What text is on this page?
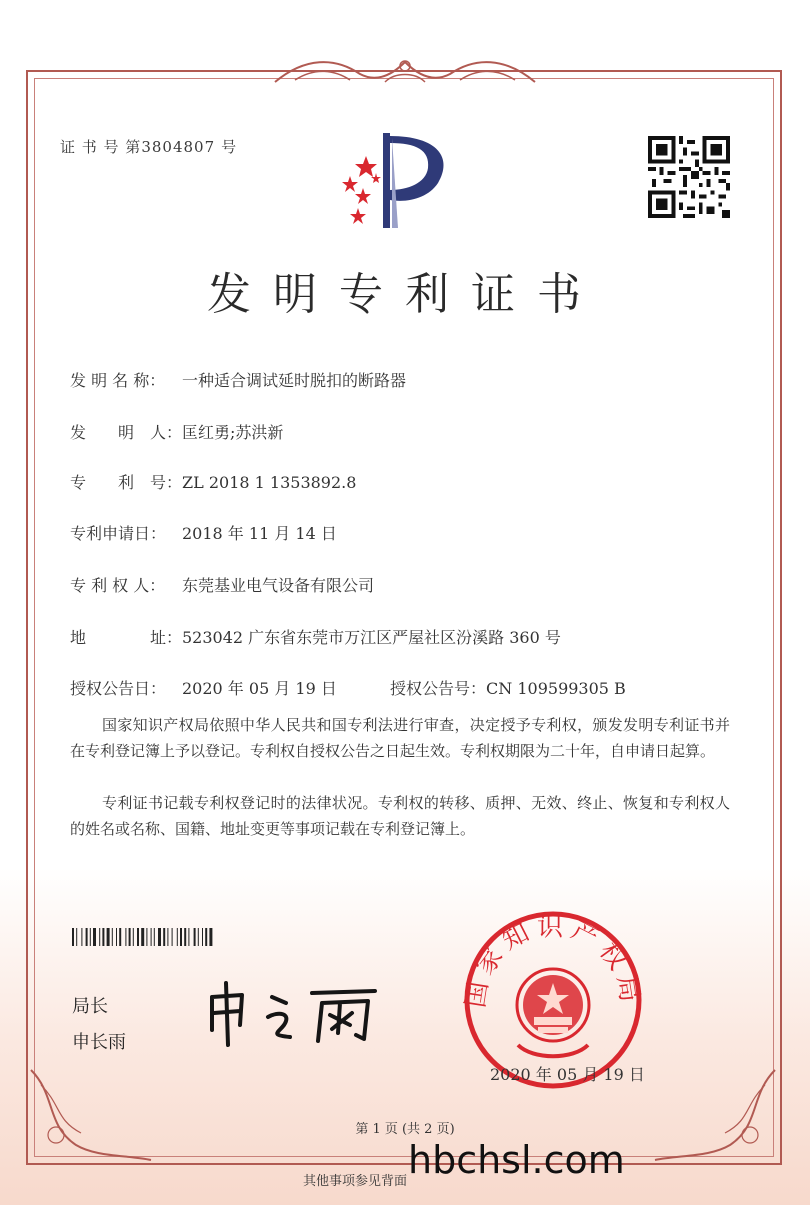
证 书 号 第3804807 号
发明专利证书
发 明 名 称： 一种适合调试延时脱扣的断路器
发　　明　人：匡红勇;苏洪新
专　　利　号：ZL 2018 1 1353892.8
专利申请日： 2018 年 11 月 14 日
专 利 权 人： 东莞基业电气设备有限公司
地　　　　址：523042 广东省东莞市万江区严屋社区汾溪路 360 号
授权公告日： 2020 年 05 月 19 日	授权公告号：CN 109599305 B
国家知识产权局依照中华人民共和国专利法进行审查，决定授予专利权，颁发发明专利证书并在专利登记簿上予以登记。专利权自授权公告之日起生效。专利权期限为二十年，自申请日起算。
专利证书记载专利权登记时的法律状况。专利权的转移、质押、无效、终止、恢复和专利权人的姓名或名称、国籍、地址变更等事项记载在专利登记簿上。
局长
申长雨
国家知识产权局
2020 年 05 月 19 日
第 1 页 (共 2 页)
hbchsl.com
其他事项参见背面
